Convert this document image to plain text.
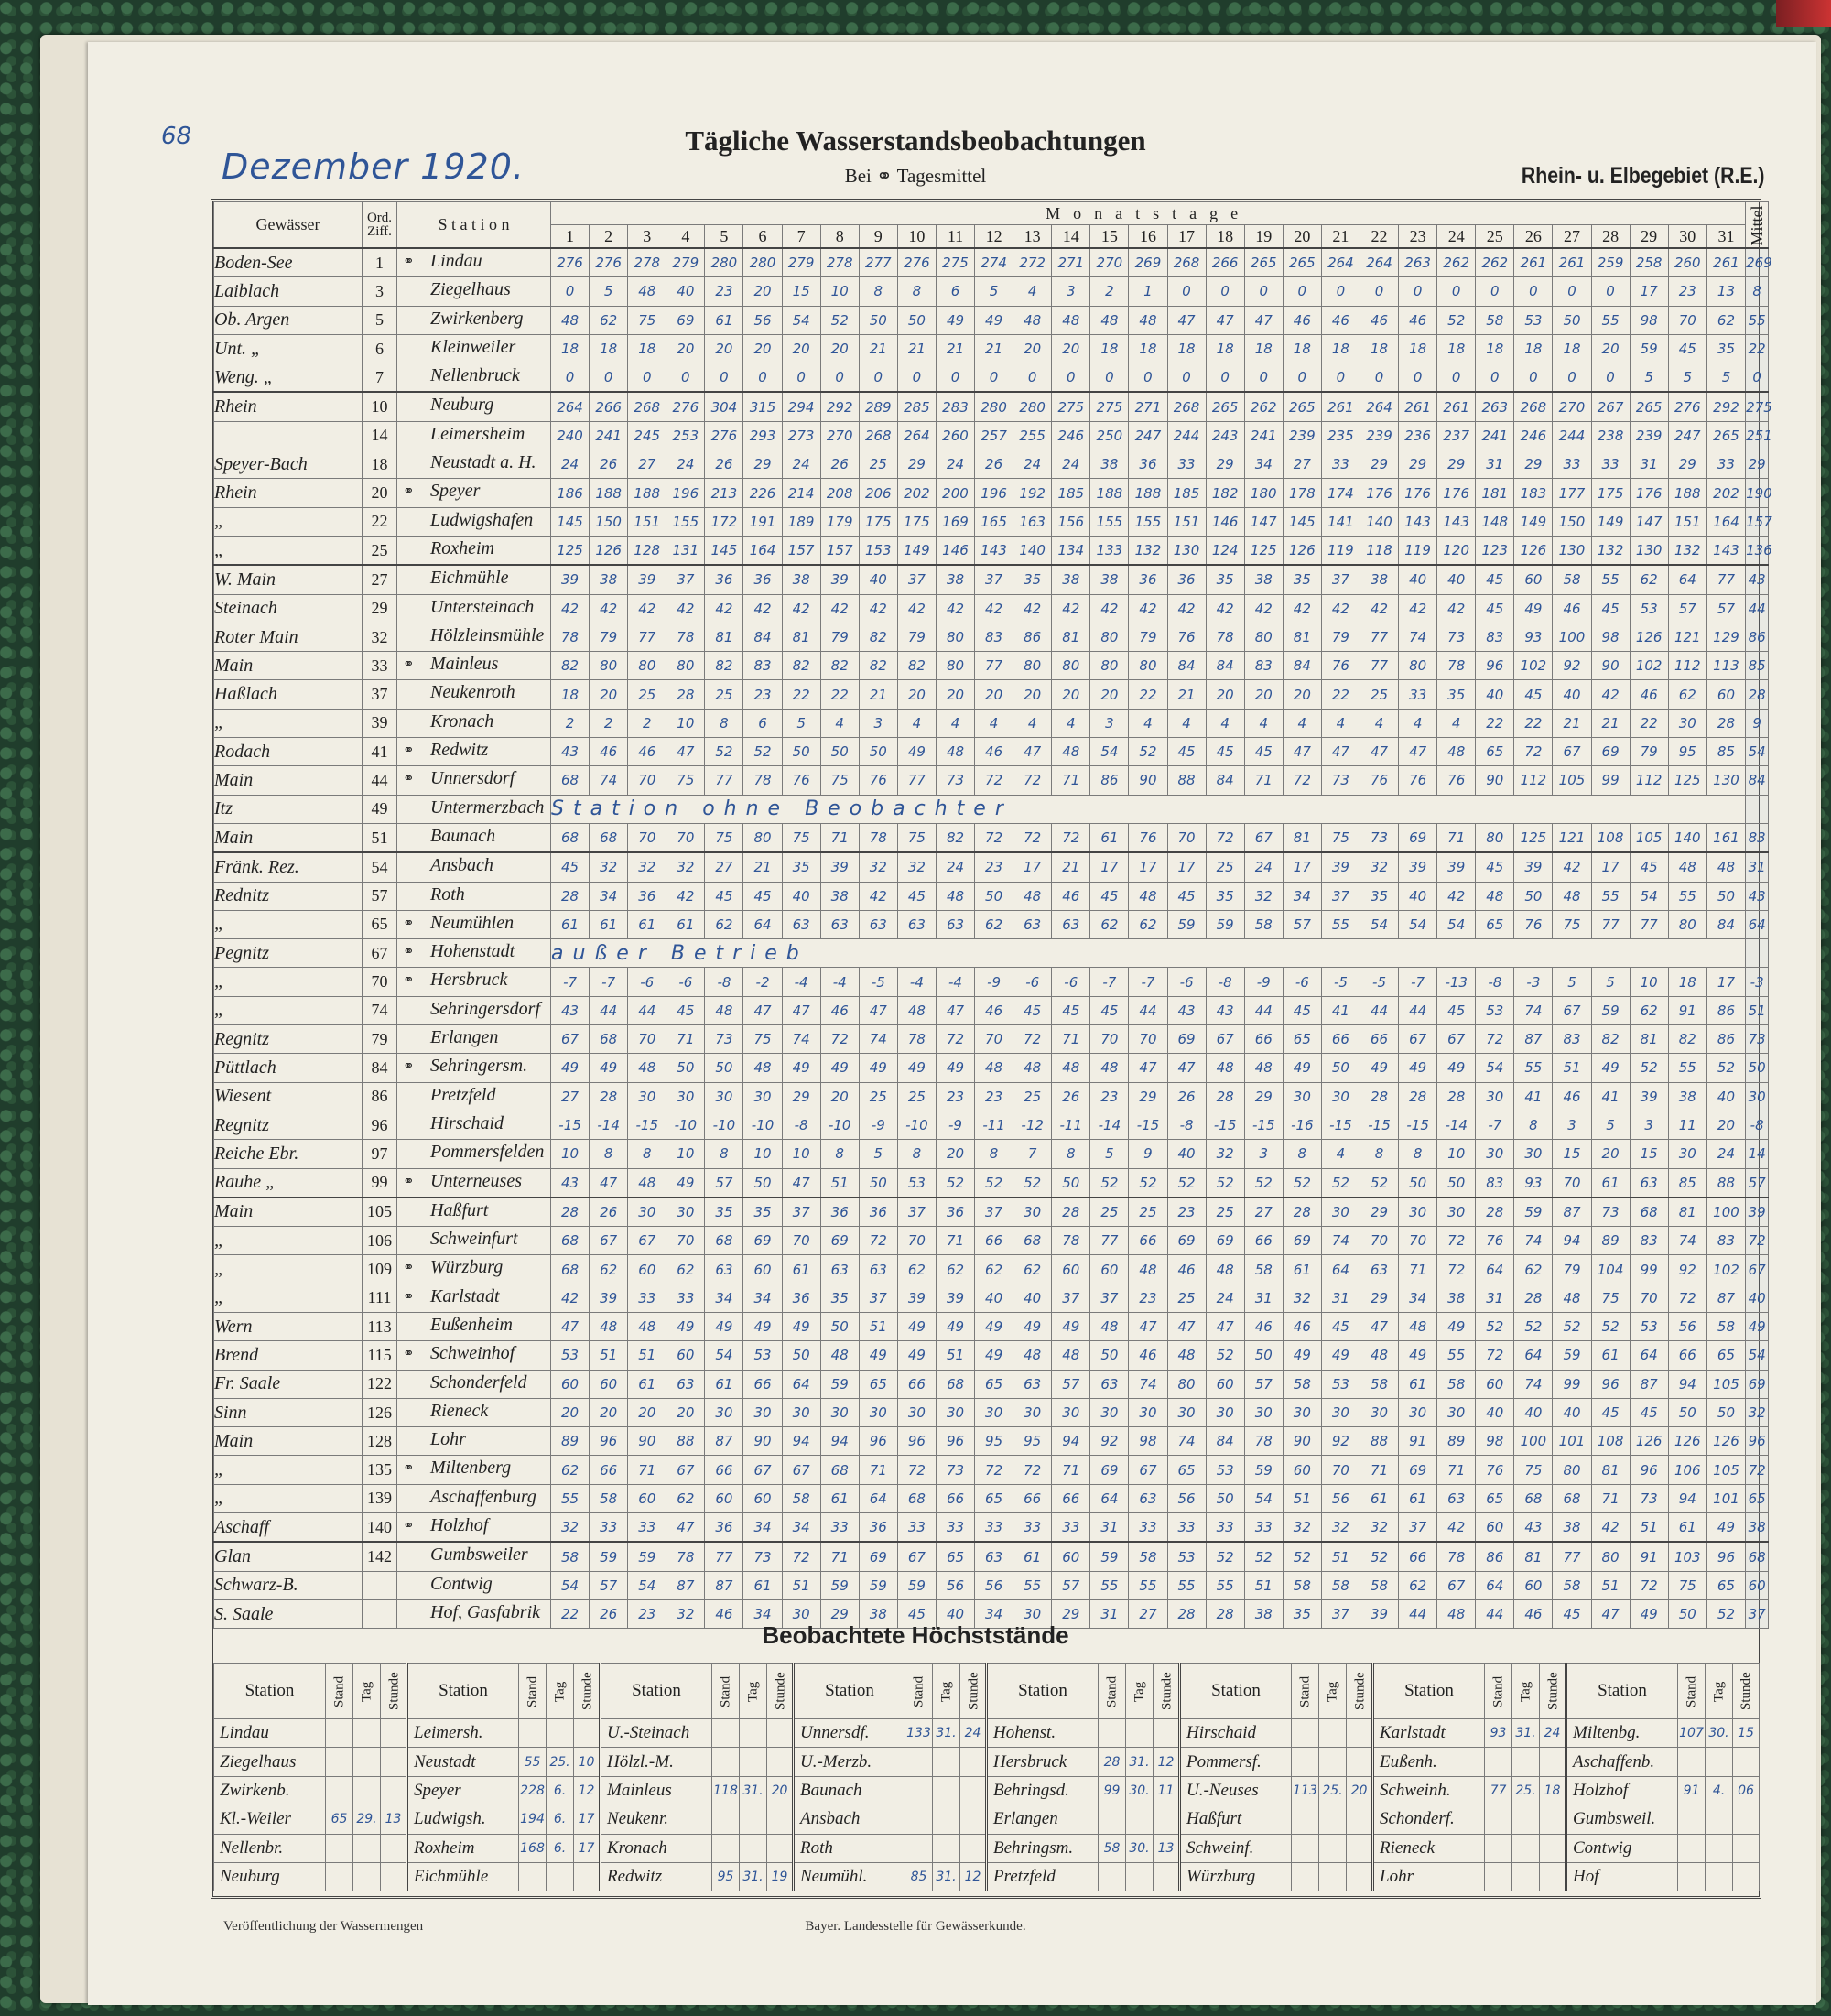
68
Dezember 1920.
Tägliche Wasserstandsbeobachtungen
Bei ⚭ Tagesmittel	Rhein- u. Elbegebiet (R.E.)
Gewässer	Ord. Ziff.	S t a t i o n	Monatstage	Mittel
1	2	3	4	5	6	7	8	9	10	11	12	13	14	15	16	17	18	19	20	21	22	23	24	25	26	27	28	29	30	31
Boden-See	1	⚭ Lindau	276	276	278	279	280	280	279	278	277	276	275	274	272	271	270	269	268	266	265	265	264	264	263	262	262	261	261	259	258	260	261	269
Laiblach	3	Ziegelhaus	0	5	48	40	23	20	15	10	8	8	6	5	4	3	2	1	0	0	0	0	0	0	0	0	0	0	0	0	17	23	13	8
Ob. Argen	5	Zwirkenberg	48	62	75	69	61	56	54	52	50	50	49	49	48	48	48	48	47	47	47	46	46	46	46	52	58	53	50	55	98	70	62	55
Unt. „	6	Kleinweiler	18	18	18	20	20	20	20	20	21	21	21	21	20	20	18	18	18	18	18	18	18	18	18	18	18	18	18	20	59	45	35	22
Weng. „	7	Nellenbruck	0	0	0	0	0	0	0	0	0	0	0	0	0	0	0	0	0	0	0	0	0	0	0	0	0	0	0	0	5	5	5	0
Rhein	10	Neuburg	264	266	268	276	304	315	294	292	289	285	283	280	280	275	275	271	268	265	262	265	261	264	261	261	263	268	270	267	265	276	292	275
	14	Leimersheim	240	241	245	253	276	293	273	270	268	264	260	257	255	246	250	247	244	243	241	239	235	239	236	237	241	246	244	238	239	247	265	251
Speyer-Bach	18	Neustadt a. H.	24	26	27	24	26	29	24	26	25	29	24	26	24	24	38	36	33	29	34	27	33	29	29	29	31	29	33	33	31	29	33	29
Rhein	20	⚭ Speyer	186	188	188	196	213	226	214	208	206	202	200	196	192	185	188	188	185	182	180	178	174	176	176	176	181	183	177	175	176	188	202	190
„	22	Ludwigshafen	145	150	151	155	172	191	189	179	175	175	169	165	163	156	155	155	151	146	147	145	141	140	143	143	148	149	150	149	147	151	164	157
„	25	Roxheim	125	126	128	131	145	164	157	157	153	149	146	143	140	134	133	132	130	124	125	126	119	118	119	120	123	126	130	132	130	132	143	136
W. Main	27	Eichmühle	39	38	39	37	36	36	38	39	40	37	38	37	35	38	38	36	36	35	38	35	37	38	40	40	45	60	58	55	62	64	77	43
Steinach	29	Untersteinach	42	42	42	42	42	42	42	42	42	42	42	42	42	42	42	42	42	42	42	42	42	42	42	42	45	49	46	45	53	57	57	44
Roter Main	32	Hölzleinsmühle	78	79	77	78	81	84	81	79	82	79	80	83	86	81	80	79	76	78	80	81	79	77	74	73	83	93	100	98	126	121	129	86
Main	33	⚭ Mainleus	82	80	80	80	82	83	82	82	82	82	80	77	80	80	80	80	84	84	83	84	76	77	80	78	96	102	92	90	102	112	113	85
Haßlach	37	Neukenroth	18	20	25	28	25	23	22	22	21	20	20	20	20	20	20	22	21	20	20	20	22	25	33	35	40	45	40	42	46	62	60	28
„	39	Kronach	2	2	2	10	8	6	5	4	3	4	4	4	4	4	3	4	4	4	4	4	4	4	4	4	22	22	21	21	22	30	28	9
Rodach	41	⚭ Redwitz	43	46	46	47	52	52	50	50	50	49	48	46	47	48	54	52	45	45	45	47	47	47	47	48	65	72	67	69	79	95	85	54
Main	44	⚭ Unnersdorf	68	74	70	75	77	78	76	75	76	77	73	72	72	71	86	90	88	84	71	72	73	76	76	76	90	112	105	99	112	125	130	84
Itz	49	Untermerzbach	Station ohne Beobachter	
Main	51	Baunach	68	68	70	70	75	80	75	71	78	75	82	72	72	72	61	76	70	72	67	81	75	73	69	71	80	125	121	108	105	140	161	83
Fränk. Rez.	54	Ansbach	45	32	32	32	27	21	35	39	32	32	24	23	17	21	17	17	17	25	24	17	39	32	39	39	45	39	42	17	45	48	48	31
Rednitz	57	Roth	28	34	36	42	45	45	40	38	42	45	48	50	48	46	45	48	45	35	32	34	37	35	40	42	48	50	48	55	54	55	50	43
„	65	⚭ Neumühlen	61	61	61	61	62	64	63	63	63	63	63	62	63	63	62	62	59	59	58	57	55	54	54	54	65	76	75	77	77	80	84	64
Pegnitz	67	⚭ Hohenstadt	außer Betrieb	
„	70	⚭ Hersbruck	-7	-7	-6	-6	-8	-2	-4	-4	-5	-4	-4	-9	-6	-6	-7	-7	-6	-8	-9	-6	-5	-5	-7	-13	-8	-3	5	5	10	18	17	-3
„	74	Sehringersdorf	43	44	44	45	48	47	47	46	47	48	47	46	45	45	45	44	43	43	44	45	41	44	44	45	53	74	67	59	62	91	86	51
Regnitz	79	Erlangen	67	68	70	71	73	75	74	72	74	78	72	70	72	71	70	70	69	67	66	65	66	66	67	67	72	87	83	82	81	82	86	73
Püttlach	84	⚭ Sehringersm.	49	49	48	50	50	48	49	49	49	49	49	48	48	48	48	47	47	48	48	49	50	49	49	49	54	55	51	49	52	55	52	50
Wiesent	86	Pretzfeld	27	28	30	30	30	30	29	20	25	25	23	23	25	26	23	29	26	28	29	30	30	28	28	28	30	41	46	41	39	38	40	30
Regnitz	96	Hirschaid	-15	-14	-15	-10	-10	-10	-8	-10	-9	-10	-9	-11	-12	-11	-14	-15	-8	-15	-15	-16	-15	-15	-15	-14	-7	8	3	5	3	11	20	-8
Reiche Ebr.	97	Pommersfelden	10	8	8	10	8	10	10	8	5	8	20	8	7	8	5	9	40	32	3	8	4	8	8	10	30	30	15	20	15	30	24	14
Rauhe „	99	⚭ Unterneuses	43	47	48	49	57	50	47	51	50	53	52	52	52	50	52	52	52	52	52	52	52	52	50	50	83	93	70	61	63	85	88	57
Main	105	Haßfurt	28	26	30	30	35	35	37	36	36	37	36	37	30	28	25	25	23	25	27	28	30	29	30	30	28	59	87	73	68	81	100	39
„	106	Schweinfurt	68	67	67	70	68	69	70	69	72	70	71	66	68	78	77	66	69	69	66	69	74	70	70	72	76	74	94	89	83	74	83	72
„	109	⚭ Würzburg	68	62	60	62	63	60	61	63	63	62	62	62	62	60	60	48	46	48	58	61	64	63	71	72	64	62	79	104	99	92	102	67
„	111	⚭ Karlstadt	42	39	33	33	34	34	36	35	37	39	39	40	40	37	37	23	25	24	31	32	31	29	34	38	31	28	48	75	70	72	87	40
Wern	113	Eußenheim	47	48	48	49	49	49	49	50	51	49	49	49	49	49	48	47	47	47	46	46	45	47	48	49	52	52	52	52	53	56	58	49
Brend	115	⚭ Schweinhof	53	51	51	60	54	53	50	48	49	49	51	49	48	48	50	46	48	52	50	49	49	48	49	55	72	64	59	61	64	66	65	54
Fr. Saale	122	Schonderfeld	60	60	61	63	61	66	64	59	65	66	68	65	63	57	63	74	80	60	57	58	53	58	61	58	60	74	99	96	87	94	105	69
Sinn	126	Rieneck	20	20	20	20	30	30	30	30	30	30	30	30	30	30	30	30	30	30	30	30	30	30	30	30	40	40	40	45	45	50	50	32
Main	128	Lohr	89	96	90	88	87	90	94	94	96	96	96	95	95	94	92	98	74	84	78	90	92	88	91	89	98	100	101	108	126	126	126	96
„	135	⚭ Miltenberg	62	66	71	67	66	67	67	68	71	72	73	72	72	71	69	67	65	53	59	60	70	71	69	71	76	75	80	81	96	106	105	72
„	139	Aschaffenburg	55	58	60	62	60	60	58	61	64	68	66	65	66	66	64	63	56	50	54	51	56	61	61	63	65	68	68	71	73	94	101	65
Aschaff	140	⚭ Holzhof	32	33	33	47	36	34	34	33	36	33	33	33	33	33	31	33	33	33	33	32	32	32	37	42	60	43	38	42	51	61	49	38
Glan	142	Gumbsweiler	58	59	59	78	77	73	72	71	69	67	65	63	61	60	59	58	53	52	52	52	51	52	66	78	86	81	77	80	91	103	96	68
Schwarz-B.		Contwig	54	57	54	87	87	61	51	59	59	59	56	56	55	57	55	55	55	55	51	58	58	58	62	67	64	60	58	51	72	75	65	60
S. Saale		Hof, Gasfabrik	22	26	23	32	46	34	30	29	38	45	40	34	30	29	31	27	28	28	38	35	37	39	44	48	44	46	45	47	49	50	52	37
Beobachtete Höchststände
Station	Stand	Tag	Stunde	Station	Stand	Tag	Stunde	Station	Stand	Tag	Stunde	Station	Stand	Tag	Stunde	Station	Stand	Tag	Stunde	Station	Stand	Tag	Stunde	Station	Stand	Tag	Stunde	Station	Stand	Tag	Stunde
Lindau				Leimersh.				U.-Steinach				Unnersdf.	133	31.	24	Hohenst.				Hirschaid				Karlstadt	93	31.	24	Miltenbg.	107	30.	15
Ziegelhaus				Neustadt	55	25.	10	Hölzl.-M.				U.-Merzb.				Hersbruck	28	31.	12	Pommersf.				Eußenh.				Aschaffenb.			
Zwirkenb.				Speyer	228	6.	12	Mainleus	118	31.	20	Baunach				Behringsd.	99	30.	11	U.-Neuses	113	25.	20	Schweinh.	77	25.	18	Holzhof	91	4.	06
Kl.-Weiler	65	29.	13	Ludwigsh.	194	6.	17	Neukenr.				Ansbach				Erlangen				Haßfurt				Schonderf.				Gumbsweil.			
Nellenbr.				Roxheim	168	6.	17	Kronach				Roth				Behringsm.	58	30.	13	Schweinf.				Rieneck				Contwig			
Neuburg				Eichmühle				Redwitz	95	31.	19	Neumühl.	85	31.	12	Pretzfeld				Würzburg				Lohr				Hof			
Veröffentlichung der Wassermengen	Bayer. Landesstelle für Gewässerkunde.
